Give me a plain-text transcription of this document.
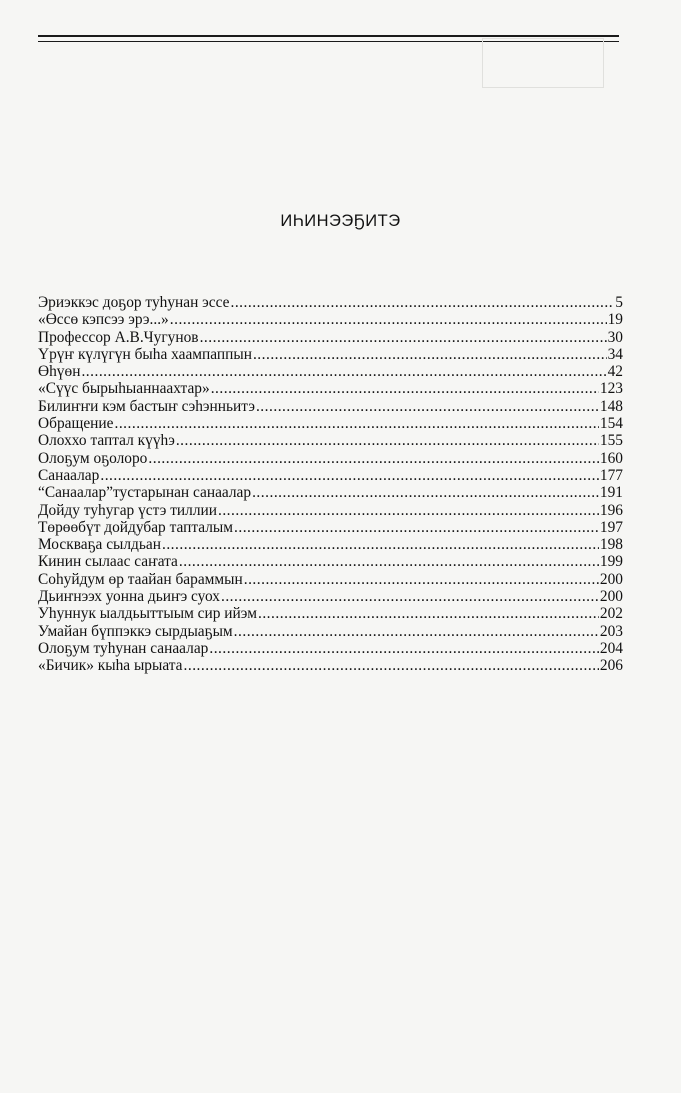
ИҺИНЭЭҔИТЭ
Эриэккэс доҕор туһунан эссе .....	5
«Өссө кэпсээ эрэ...» .....	19
Профессор А.В.Чугунов .....	30
Үрүҥ күлүгүн быһа хаампаппын .....	34
Өһүөн .....	42
«Сүүс бырыһыаннаахтар» .....	123
Билиҥҥи кэм бастыҥ сэһэнньитэ .....	148
Обращение .....	154
Олоххо таптал күүһэ .....	155
Олоҕум оҕолоро .....	160
Санаалар .....	177
“Санаалар”тустарынан санаалар .....	191
Дойду туһугар үстэ тиллии .....	196
Төрөөбүт дойдубар тапталым .....	197
Москваҕа сылдьан .....	198
Кинин сылаас саҥата .....	199
Соһуйдум өр таайан бараммын .....	200
Дьиҥнээх уонна дьиҥэ суох .....	200
Уһуннук ыалдьыттыым сир ийэм .....	202
Умайан бүппэккэ сырдыаҕым .....	203
Олоҕум туһунан санаалар .....	204
«Бичик» кыһа ырыата .....	206
